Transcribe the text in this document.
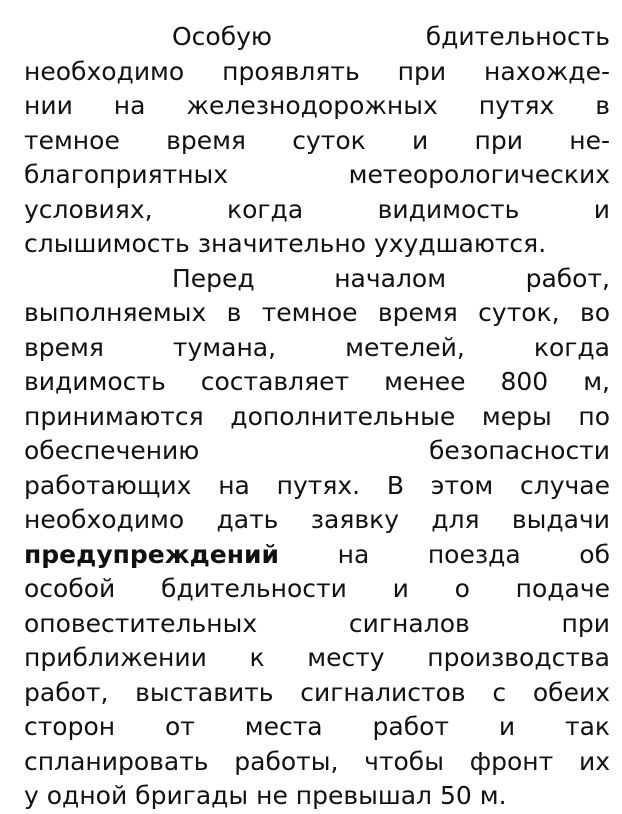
Особую бдительность
необходимо проявлять при нахожде-
нии на железнодорожных путях в
темное время суток и при не-
благоприятных метеорологических
условиях, когда видимость и
слышимость значительно ухудшаются.
Перед началом работ,
выполняемых в темное время суток, во
время тумана, метелей, когда
видимость составляет менее 800 м,
принимаются дополнительные меры по
обеспечению безопасности
работающих на путях. В этом случае
необходимо дать заявку для выдачи
предупреждений на поезда об
особой бдительности и о подаче
оповестительных сигналов при
приближении к месту производства
работ, выставить сигналистов с обеих
сторон от места работ и так
спланировать работы, чтобы фронт их
у одной бригады не превышал 50 м.
